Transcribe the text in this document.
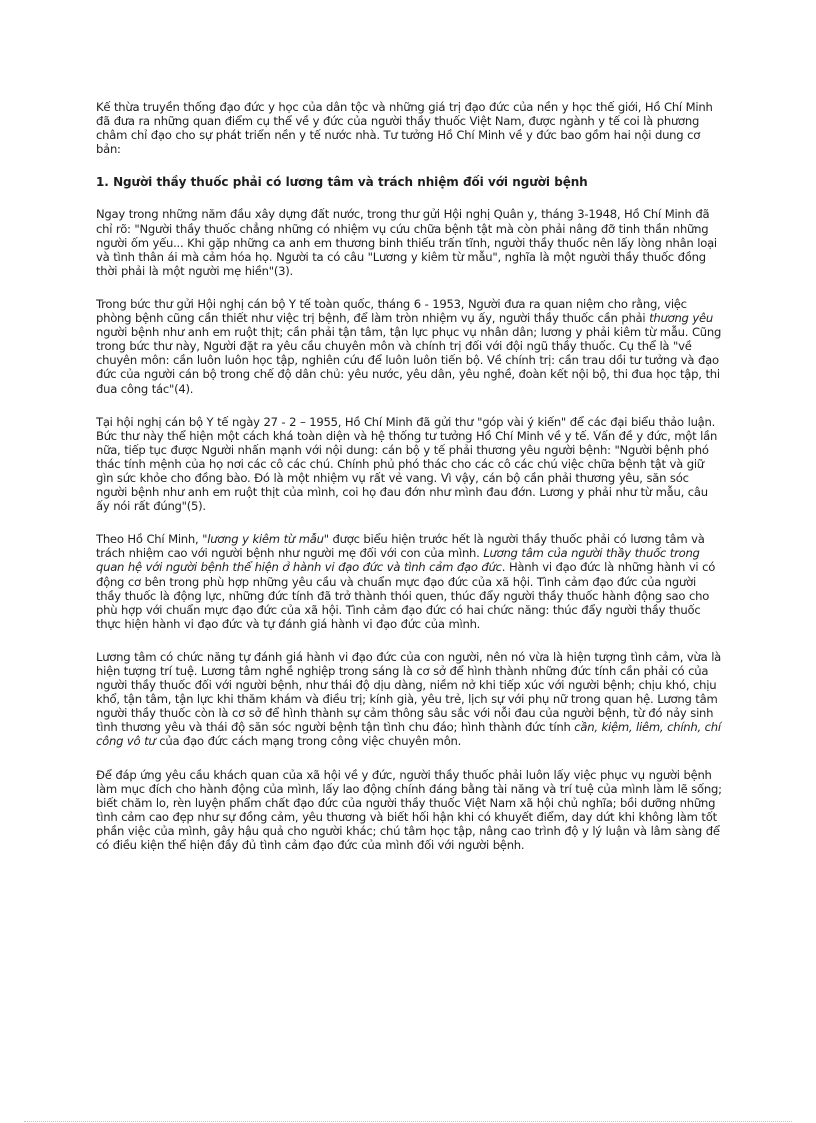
Kế thừa truyền thống đạo đức y học của dân tộc và những giá trị đạo đức của nền y học thế giới, Hồ Chí Minh đã đưa ra những quan điểm cụ thể về y đức của người thầy thuốc Việt Nam, được ngành y tế coi là phương châm chỉ đạo cho sự phát triển nền y tế nước nhà. Tư tưởng Hồ Chí Minh về y đức bao gồm hai nội dung cơ bản:

1. Người thầy thuốc phải có lương tâm và trách nhiệm đối với người bệnh

Ngay trong những năm đầu xây dựng đất nước, trong thư gửi Hội nghị Quân y, tháng 3-1948, Hồ Chí Minh đã chỉ rõ: "Người thầy thuốc chẳng những có nhiệm vụ cứu chữa bệnh tật mà còn phải nâng đỡ tinh thần những người ốm yếu... Khi gặp những ca anh em thương binh thiếu trấn tĩnh, người thầy thuốc nên lấy lòng nhân loại và tình thân ái mà cảm hóa họ. Người ta có câu "Lương y kiêm từ mẫu", nghĩa là một người thầy thuốc đồng thời phải là một người mẹ hiền"(3).

Trong bức thư gửi Hội nghị cán bộ Y tế toàn quốc, tháng 6 - 1953, Người đưa ra quan niệm cho rằng, việc phòng bệnh cũng cần thiết như việc trị bệnh, để làm tròn nhiệm vụ ấy, người thầy thuốc cần phải thương yêu người bệnh như anh em ruột thịt; cần phải tận tâm, tận lực phục vụ nhân dân; lương y phải kiêm từ mẫu. Cũng trong bức thư này, Người đặt ra yêu cầu chuyên môn và chính trị đối với đội ngũ thầy thuốc. Cụ thể là "về chuyên môn: cần luôn luôn học tập, nghiên cứu để luôn luôn tiến bộ. Về chính trị: cần trau dồi tư tưởng và đạo đức của người cán bộ trong chế độ dân chủ: yêu nước, yêu dân, yêu nghề, đoàn kết nội bộ, thi đua học tập, thi đua công tác"(4).

Tại hội nghị cán bộ Y tế ngày 27 - 2 – 1955, Hồ Chí Minh đã gửi thư "góp vài ý kiến" để các đại biểu thảo luận. Bức thư này thể hiện một cách khá toàn diện và hệ thống tư tưởng Hồ Chí Minh về y tế. Vấn đề y đức, một lần nữa, tiếp tục được Người nhấn mạnh với nội dung: cán bộ y tế phải thương yêu người bệnh: "Người bệnh phó thác tính mệnh của họ nơi các cô các chú. Chính phủ phó thác cho các cô các chú việc chữa bệnh tật và giữ gìn sức khỏe cho đồng bào. Đó là một nhiệm vụ rất vẻ vang. Vì vậy, cán bộ cần phải thương yêu, săn sóc người bệnh như anh em ruột thịt của mình, coi họ đau đớn như mình đau đớn. Lương y phải như từ mẫu, câu ấy nói rất đúng"(5).

Theo Hồ Chí Minh, "lương y kiêm từ mẫu" được biểu hiện trước hết là người thầy thuốc phải có lương tâm và trách nhiệm cao với người bệnh như người mẹ đối với con của mình. Lương tâm của người thầy thuốc trong quan hệ với người bệnh thể hiện ở hành vi đạo đức và tình cảm đạo đức. Hành vi đạo đức là những hành vi có động cơ bên trong phù hợp những yêu cầu và chuẩn mực đạo đức của xã hội. Tình cảm đạo đức của người thầy thuốc là động lực, những đức tính đã trở thành thói quen, thúc đẩy người thầy thuốc hành động sao cho phù hợp với chuẩn mực đạo đức của xã hội. Tình cảm đạo đức có hai chức năng: thúc đẩy người thầy thuốc thực hiện hành vi đạo đức và tự đánh giá hành vi đạo đức của mình.

Lương tâm có chức năng tự đánh giá hành vi đạo đức của con người, nên nó vừa là hiện tượng tình cảm, vừa là hiện tượng trí tuệ. Lương tâm nghề nghiệp trong sáng là cơ sở để hình thành những đức tính cần phải có của người thầy thuốc đối với người bệnh, như thái độ dịu dàng, niềm nở khi tiếp xúc với người bệnh; chịu khó, chịu khổ, tận tâm, tận lực khi thăm khám và điều trị; kính già, yêu trẻ, lịch sự với phụ nữ trong quan hệ. Lương tâm người thầy thuốc còn là cơ sở để hình thành sự cảm thông sâu sắc với nỗi đau của người bệnh, từ đó nảy sinh tình thương yêu và thái độ săn sóc người bệnh tận tình chu đáo; hình thành đức tính cần, kiệm, liêm, chính, chí công vô tư của đạo đức cách mạng trong công việc chuyên môn.

Để đáp ứng yêu cầu khách quan của xã hội về y đức, người thầy thuốc phải luôn lấy việc phục vụ người bệnh làm mục đích cho hành động của mình, lấy lao động chính đáng bằng tài năng và trí tuệ của mình làm lẽ sống; biết chăm lo, rèn luyện phẩm chất đạo đức của người thầy thuốc Việt Nam xã hội chủ nghĩa; bồi dưỡng những tình cảm cao đẹp như sự đồng cảm, yêu thương và biết hối hận khi có khuyết điểm, day dứt khi không làm tốt phần việc của mình, gây hậu quả cho người khác; chú tâm học tập, nâng cao trình độ y lý luận và lâm sàng để có điều kiện thể hiện đầy đủ tình cảm đạo đức của mình đối với người bệnh.
